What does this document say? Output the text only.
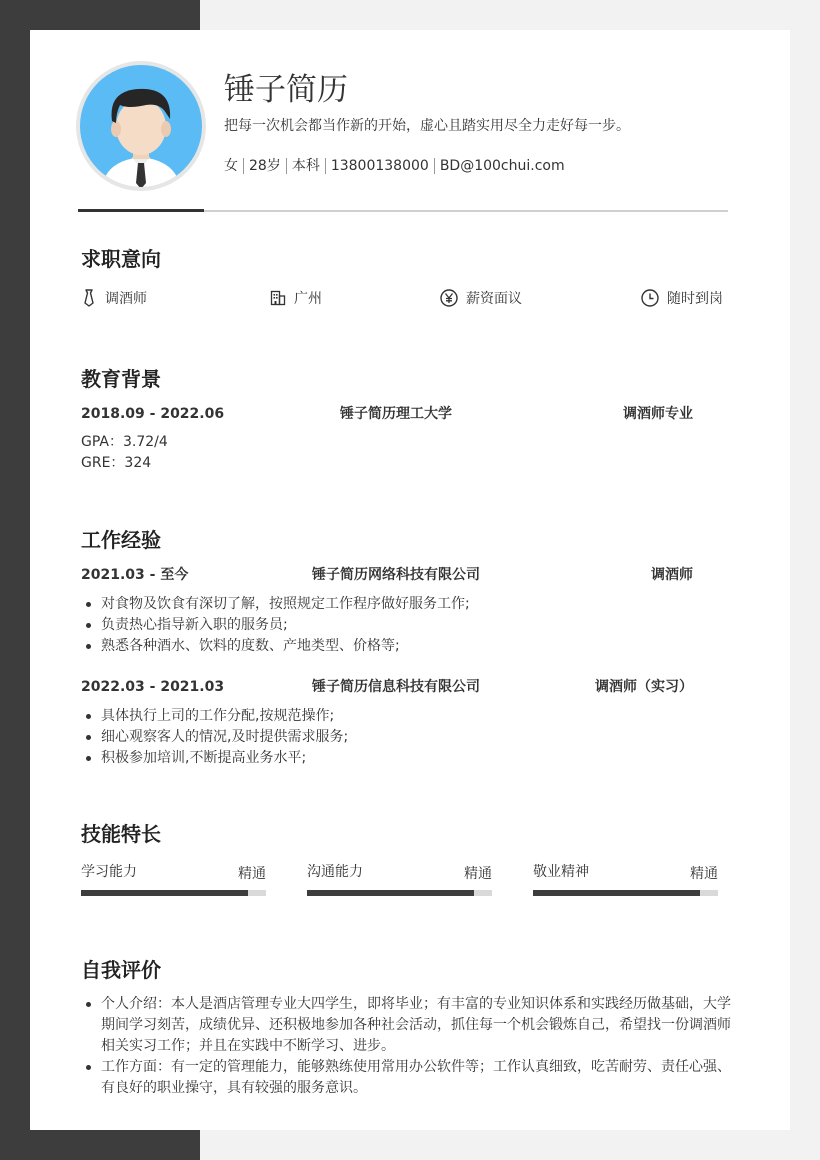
锤子简历
把每一次机会都当作新的开始，虚心且踏实用尽全力走好每一步。
女 28岁 本科 13800138000 BD@100chui.com
求职意向
调酒师	广州	薪资面议	随时到岗
教育背景
2018.09 - 2022.06	锤子简历理工大学	调酒师专业
GPA：3.72/4
GRE：324
工作经验
2021.03 - 至今	锤子简历网络科技有限公司	调酒师
对食物及饮食有深切了解，按照规定工作程序做好服务工作;
负责热心指导新入职的服务员;
熟悉各种酒水、饮料的度数、产地类型、价格等;
2022.03 - 2021.03	锤子简历信息科技有限公司	调酒师（实习）
具体执行上司的工作分配,按规范操作;
细心观察客人的情况,及时提供需求服务;
积极参加培训,不断提高业务水平;
技能特长
学习能力	精通	沟通能力	精通	敬业精神	精通
自我评价
个人介绍：本人是酒店管理专业大四学生，即将毕业；有丰富的专业知识体系和实践经历做基础，大学期间学习刻苦，成绩优异、还积极地参加各种社会活动，抓住每一个机会锻炼自己，希望找一份调酒师相关实习工作；并且在实践中不断学习、进步。
工作方面：有一定的管理能力，能够熟练使用常用办公软件等；工作认真细致，吃苦耐劳、责任心强、有良好的职业操守，具有较强的服务意识。
